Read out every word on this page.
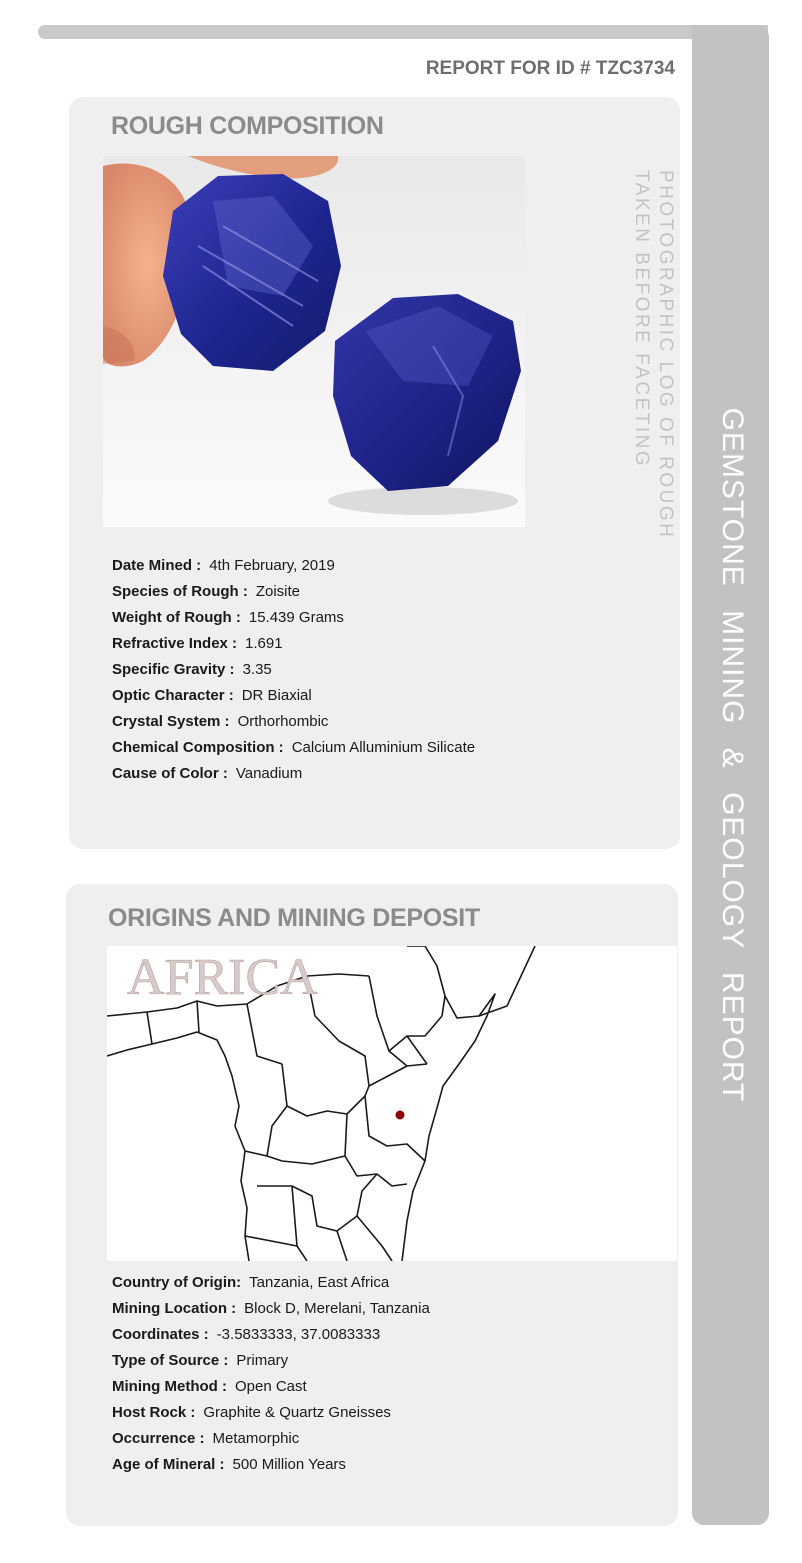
GEMSTONE MINING & GEOLOGY REPORT
REPORT FOR ID # TZC3734
ROUGH COMPOSITION
PHOTOGRAPHIC LOG OF ROUGH
TAKEN BEFORE FACETING
Date Mined : 4th February, 2019
Species of Rough : Zoisite
Weight of Rough : 15.439 Grams
Refractive Index : 1.691
Specific Gravity : 3.35
Optic Character : DR Biaxial
Crystal System : Orthorhombic
Chemical Composition : Calcium Alluminium Silicate
Cause of Color : Vanadium
ORIGINS AND MINING DEPOSIT
AFRICA
Country of Origin: Tanzania, East Africa
Mining Location : Block D, Merelani, Tanzania
Coordinates : -3.5833333, 37.0083333
Type of Source : Primary
Mining Method : Open Cast
Host Rock : Graphite & Quartz Gneisses
Occurrence : Metamorphic
Age of Mineral : 500 Million Years
